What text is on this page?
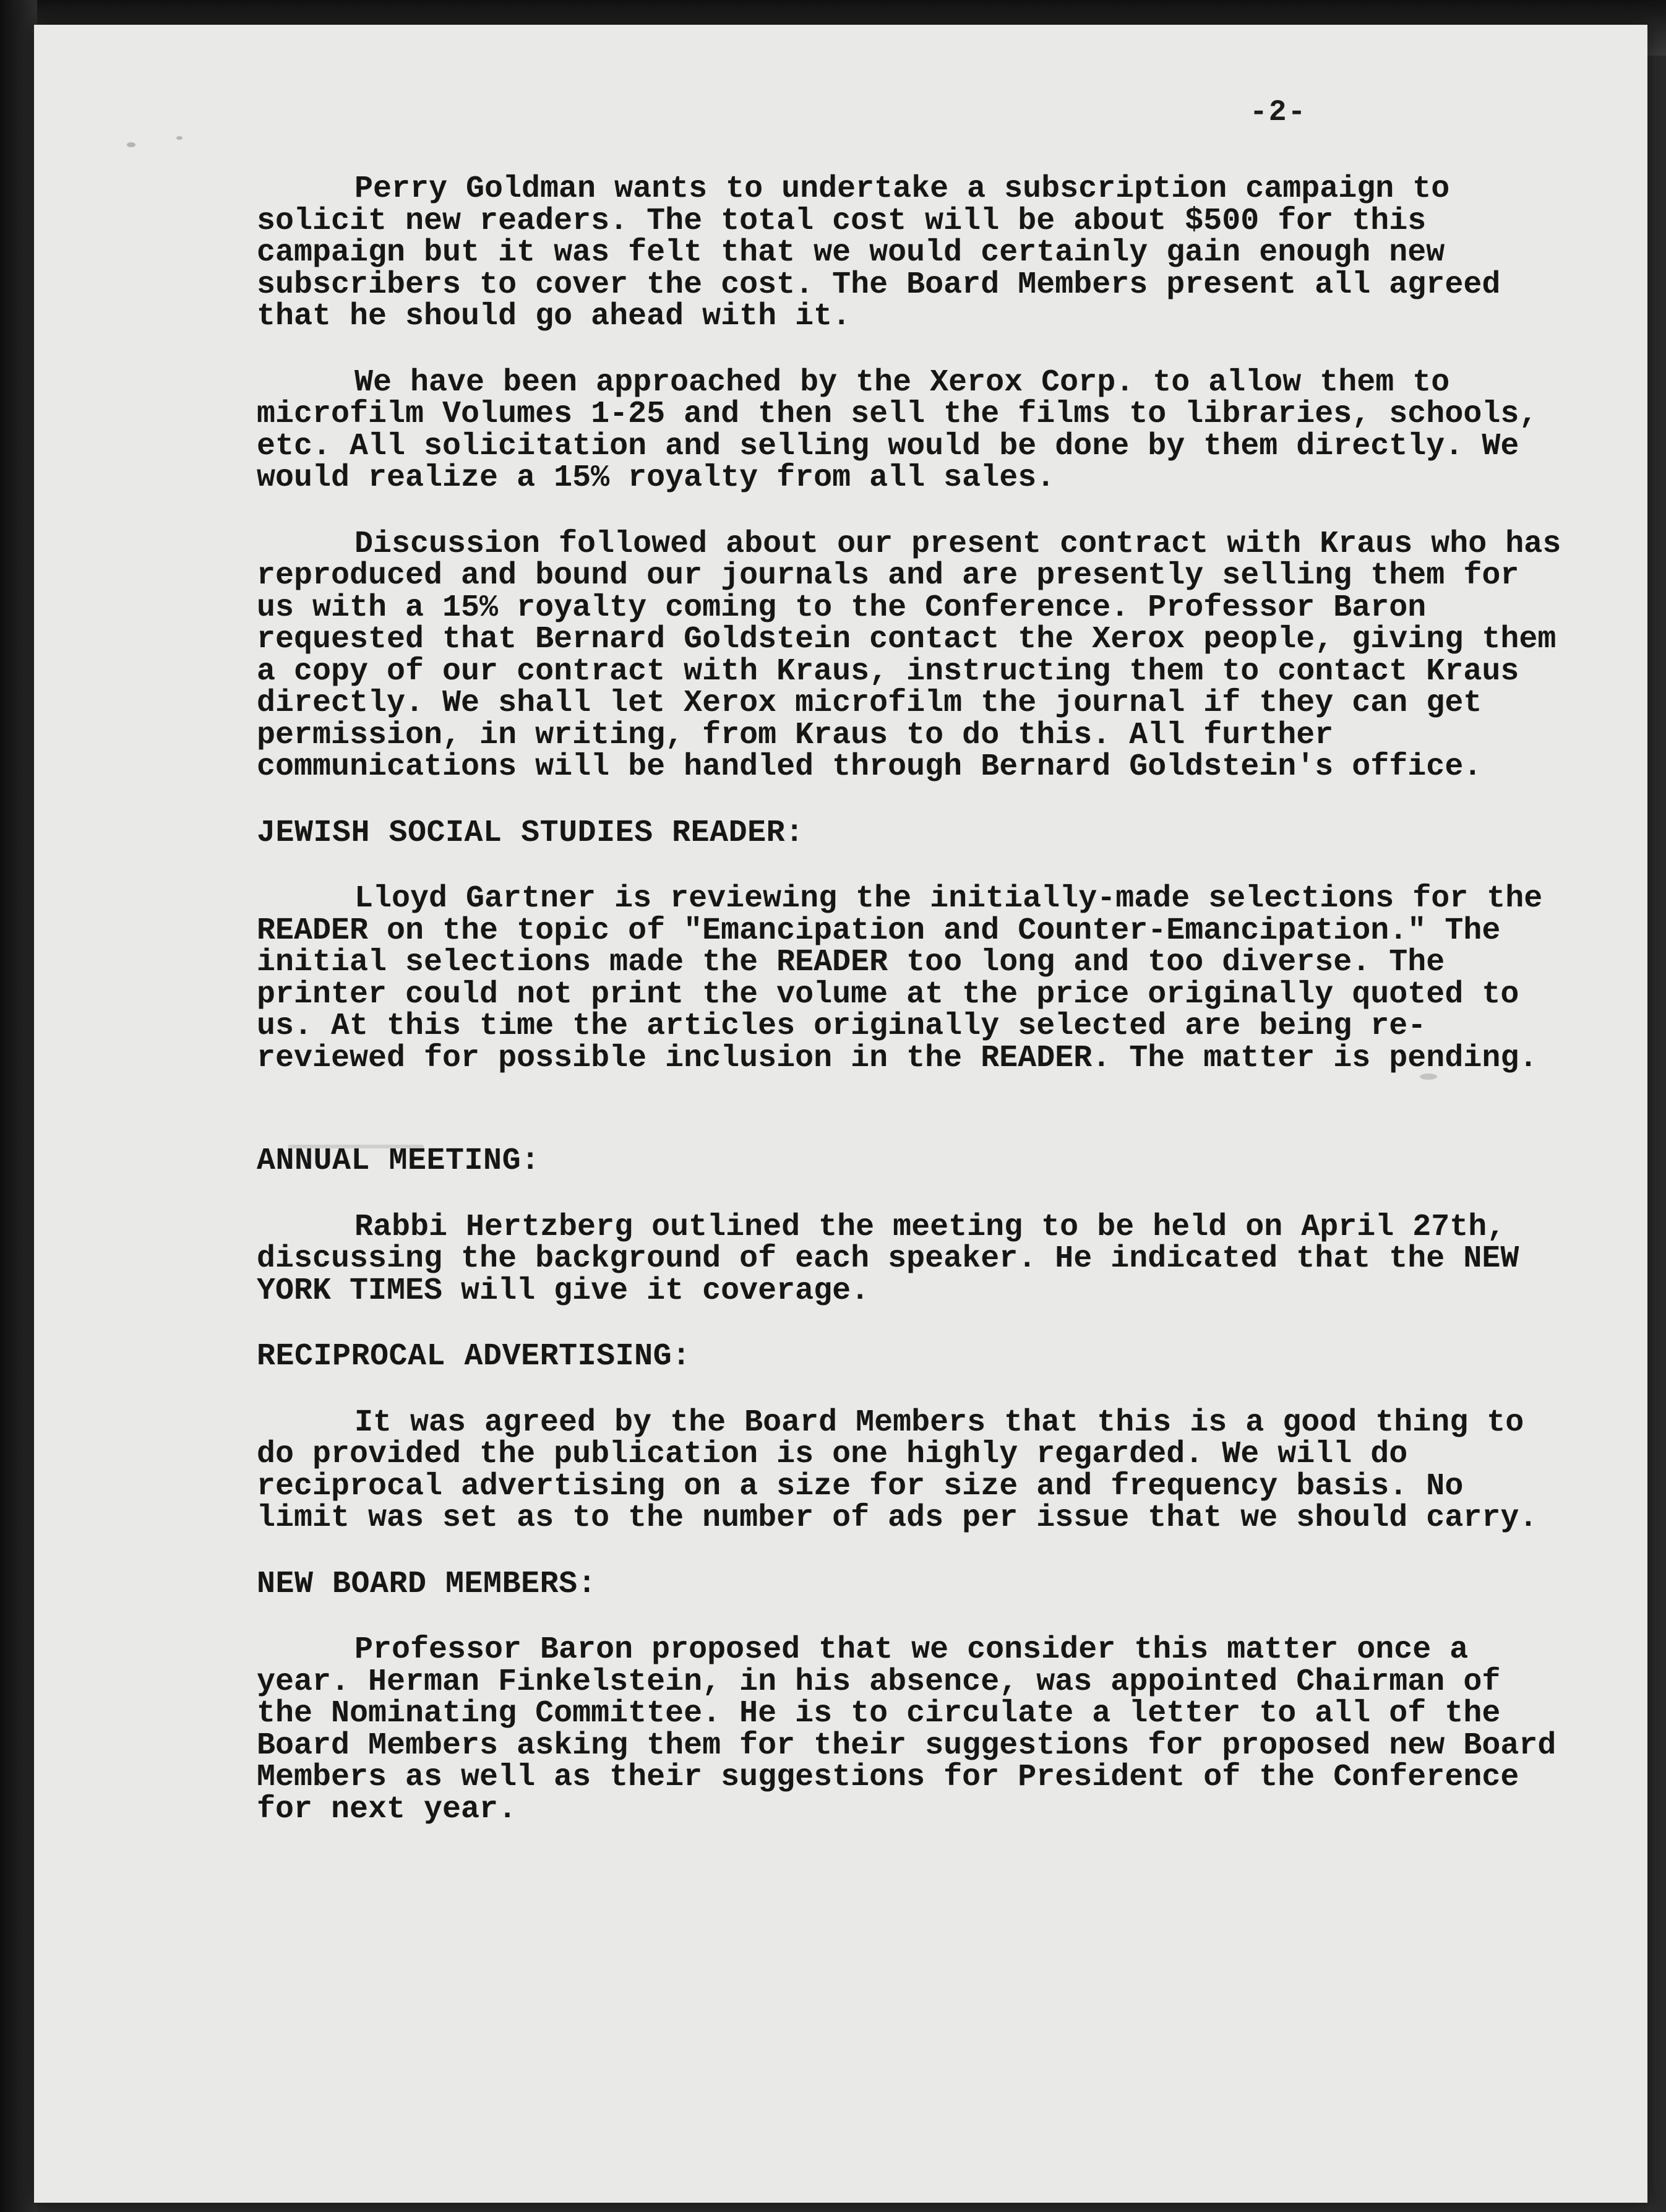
-2-

Perry Goldman wants to undertake a subscription campaign to solicit new readers. The total cost will be about $500 for this campaign but it was felt that we would certainly gain enough new subscribers to cover the cost. The Board Members present all agreed that he should go ahead with it.

We have been approached by the Xerox Corp. to allow them to microfilm Volumes 1-25 and then sell the films to libraries, schools, etc. All solicitation and selling would be done by them directly. We would realize a 15% royalty from all sales.

Discussion followed about our present contract with Kraus who has reproduced and bound our journals and are presently selling them for us with a 15% royalty coming to the Conference. Professor Baron requested that Bernard Goldstein contact the Xerox people, giving them a copy of our contract with Kraus, instructing them to contact Kraus directly. We shall let Xerox microfilm the journal if they can get permission, in writing, from Kraus to do this. All further communications will be handled through Bernard Goldstein's office.

JEWISH SOCIAL STUDIES READER:

Lloyd Gartner is reviewing the initially-made selections for the READER on the topic of "Emancipation and Counter-Emancipation." The initial selections made the READER too long and too diverse. The printer could not print the volume at the price originally quoted to us. At this time the articles originally selected are being re-reviewed for possible inclusion in the READER. The matter is pending.

ANNUAL MEETING:

Rabbi Hertzberg outlined the meeting to be held on April 27th, discussing the background of each speaker. He indicated that the NEW YORK TIMES will give it coverage.

RECIPROCAL ADVERTISING:

It was agreed by the Board Members that this is a good thing to do provided the publication is one highly regarded. We will do reciprocal advertising on a size for size and frequency basis. No limit was set as to the number of ads per issue that we should carry.

NEW BOARD MEMBERS:

Professor Baron proposed that we consider this matter once a year. Herman Finkelstein, in his absence, was appointed Chairman of the Nominating Committee. He is to circulate a letter to all of the Board Members asking them for their suggestions for proposed new Board Members as well as their suggestions for President of the Conference for next year.
